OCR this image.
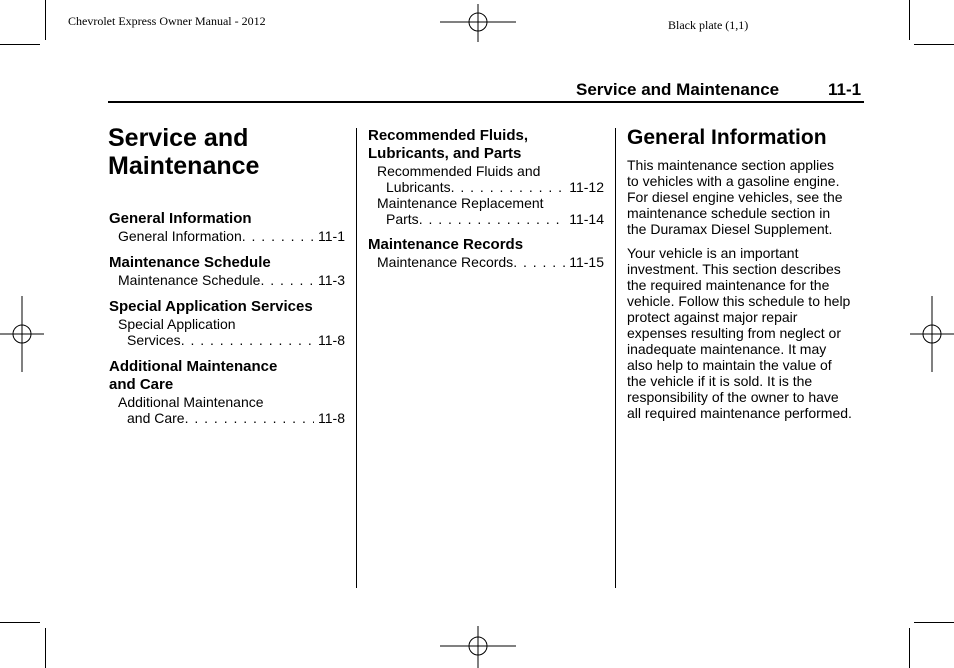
Chevrolet Express Owner Manual - 2012	Black plate (1,1)
Service and Maintenance	11-1
Service and
Maintenance
General Information
General Information . . .	11-1
Maintenance Schedule
Maintenance Schedule . . .	11-3
Special Application Services
Special Application
Services . . .	11-8
Additional Maintenance
and Care
Additional Maintenance
and Care . . .	11-8
Recommended Fluids,
Lubricants, and Parts
Recommended Fluids and
Lubricants . . .	11-12
Maintenance Replacement
Parts . . .	11-14
Maintenance Records
Maintenance Records . . .	11-15
General Information
This maintenance section applies
to vehicles with a gasoline engine.
For diesel engine vehicles, see the
maintenance schedule section in
the Duramax Diesel Supplement.
Your vehicle is an important
investment. This section describes
the required maintenance for the
vehicle. Follow this schedule to help
protect against major repair
expenses resulting from neglect or
inadequate maintenance. It may
also help to maintain the value of
the vehicle if it is sold. It is the
responsibility of the owner to have
all required maintenance performed.
